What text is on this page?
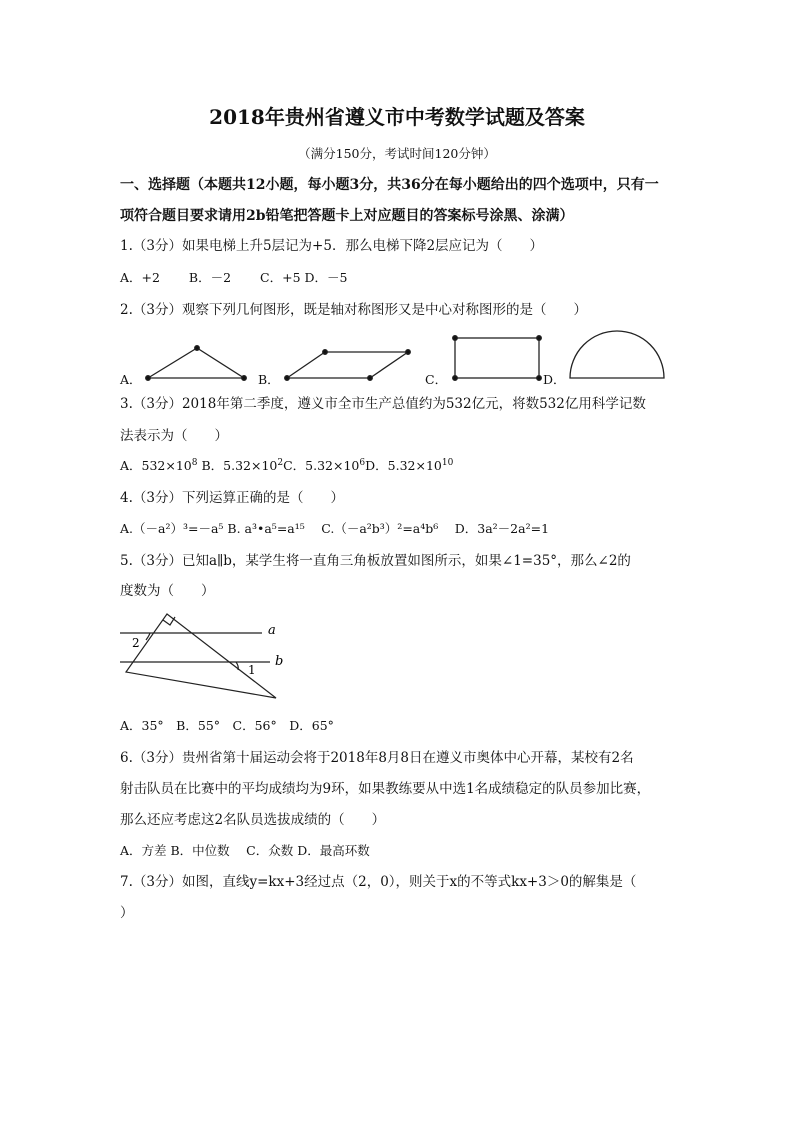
2018年贵州省遵义市中考数学试题及答案
（满分150分，考试时间120分钟）
一、选择题（本题共12小题，每小题3分，共36分在每小题给出的四个选项中，只有一
项符合题目要求请用2b铅笔把答题卡上对应题目的答案标号涂黑、涂满）
1.（3分）如果电梯上升5层记为+5．那么电梯下降2层应记为（　　）
A．+2　　 B．－2　　 C．+5 D．－5
2.（3分）观察下列几何图形，既是轴对称图形又是中心对称图形的是（　　）
A．	B．	C．	D．
3.（3分）2018年第二季度，遵义市全市生产总值约为532亿元，将数532亿用科学记数
法表示为（　　）
A．$532\times 10^8$ B．$5.32\times 10^2C$．$5.32\times 10^6D$．$5.32\times 10^{10}$
4.（3分）下列运算正确的是（　　）
A.（－a²）³=－a⁵ B. a³•a⁵=a¹⁵　 C.（－a²b³）²=a⁴b⁶　 D．3a²－2a²=1
5.（3分）已知a∥b，某学生将一直角三角板放置如图所示，如果∠1=35°，那么∠2的
度数为（　　）
a
b
2
1
A．35°　B．55°　C．56°　D．65°
6.（3分）贵州省第十届运动会将于2018年8月8日在遵义市奥体中心开幕，某校有2名
射击队员在比赛中的平均成绩均为9环，如果教练要从中选1名成绩稳定的队员参加比赛，
那么还应考虑这2名队员选拔成绩的（　　）
A．方差 B．中位数　 C．众数 D．最高环数
7.（3分）如图，直线y=kx+3经过点（2，0），则关于x的不等式kx+3＞0的解集是（
）
